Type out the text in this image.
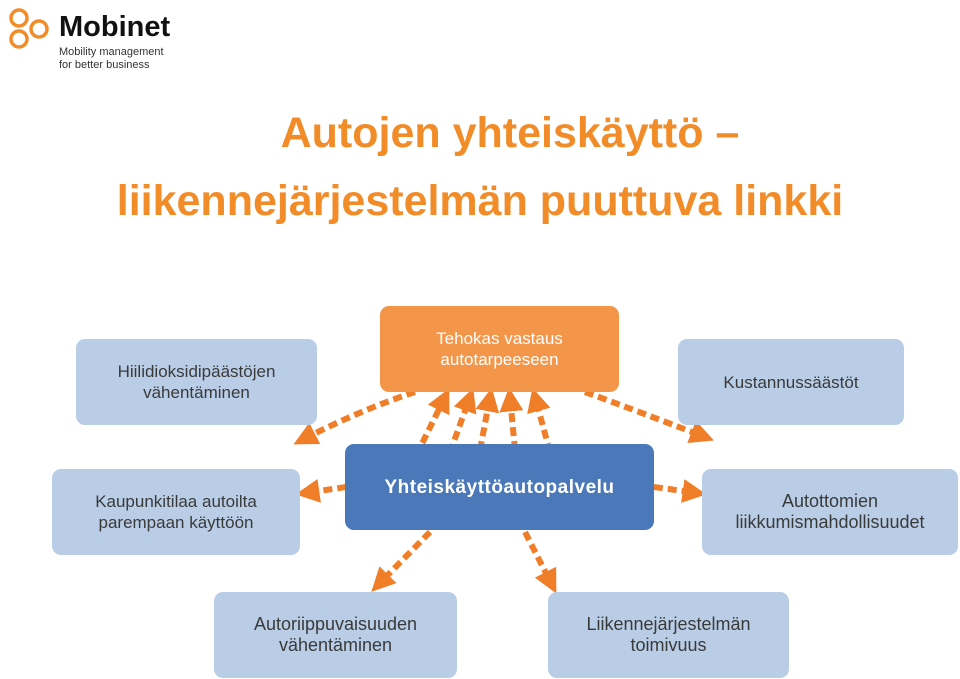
Mobinet
Mobility management
for better business
Autojen yhteiskäyttö –
liikennejärjestelmän puuttuva linkki
Hiilidioksidipäästöjen
vähentäminen
Tehokas vastaus
autotarpeeseen
Kustannussäästöt
Kaupunkitilaa autoilta
parempaan käyttöön
Yhteiskäyttöautopalvelu
Autottomien
liikkumismahdollisuudet
Autoriippuvaisuuden
vähentäminen
Liikennejärjestelmän
toimivuus
